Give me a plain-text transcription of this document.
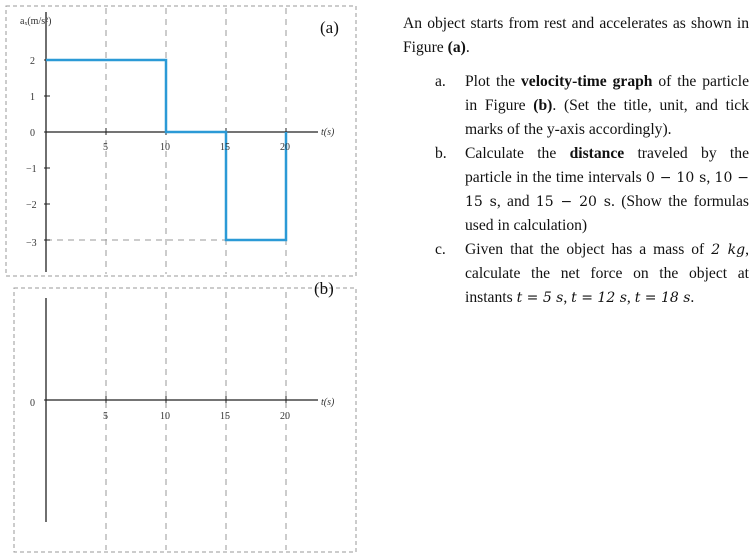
aₓ(m/s²)
t(s)
(a)
2
1
0
−1
−2
−3
5	10	15	20
(b)
t(s)
0
5	10	15	20

An object starts from rest and accelerates as shown in Figure (a).

a. Plot the velocity-time graph of the particle in Figure (b). (Set the title, unit, and tick marks of the y-axis accordingly).
b. Calculate the distance traveled by the particle in the time intervals 0 − 10 s, 10 − 15 s, and 15 − 20 s. (Show the formulas used in calculation)
c. Given that the object has a mass of 2 kg, calculate the net force on the object at instants t = 5 s, t = 12 s, t = 18 s.
